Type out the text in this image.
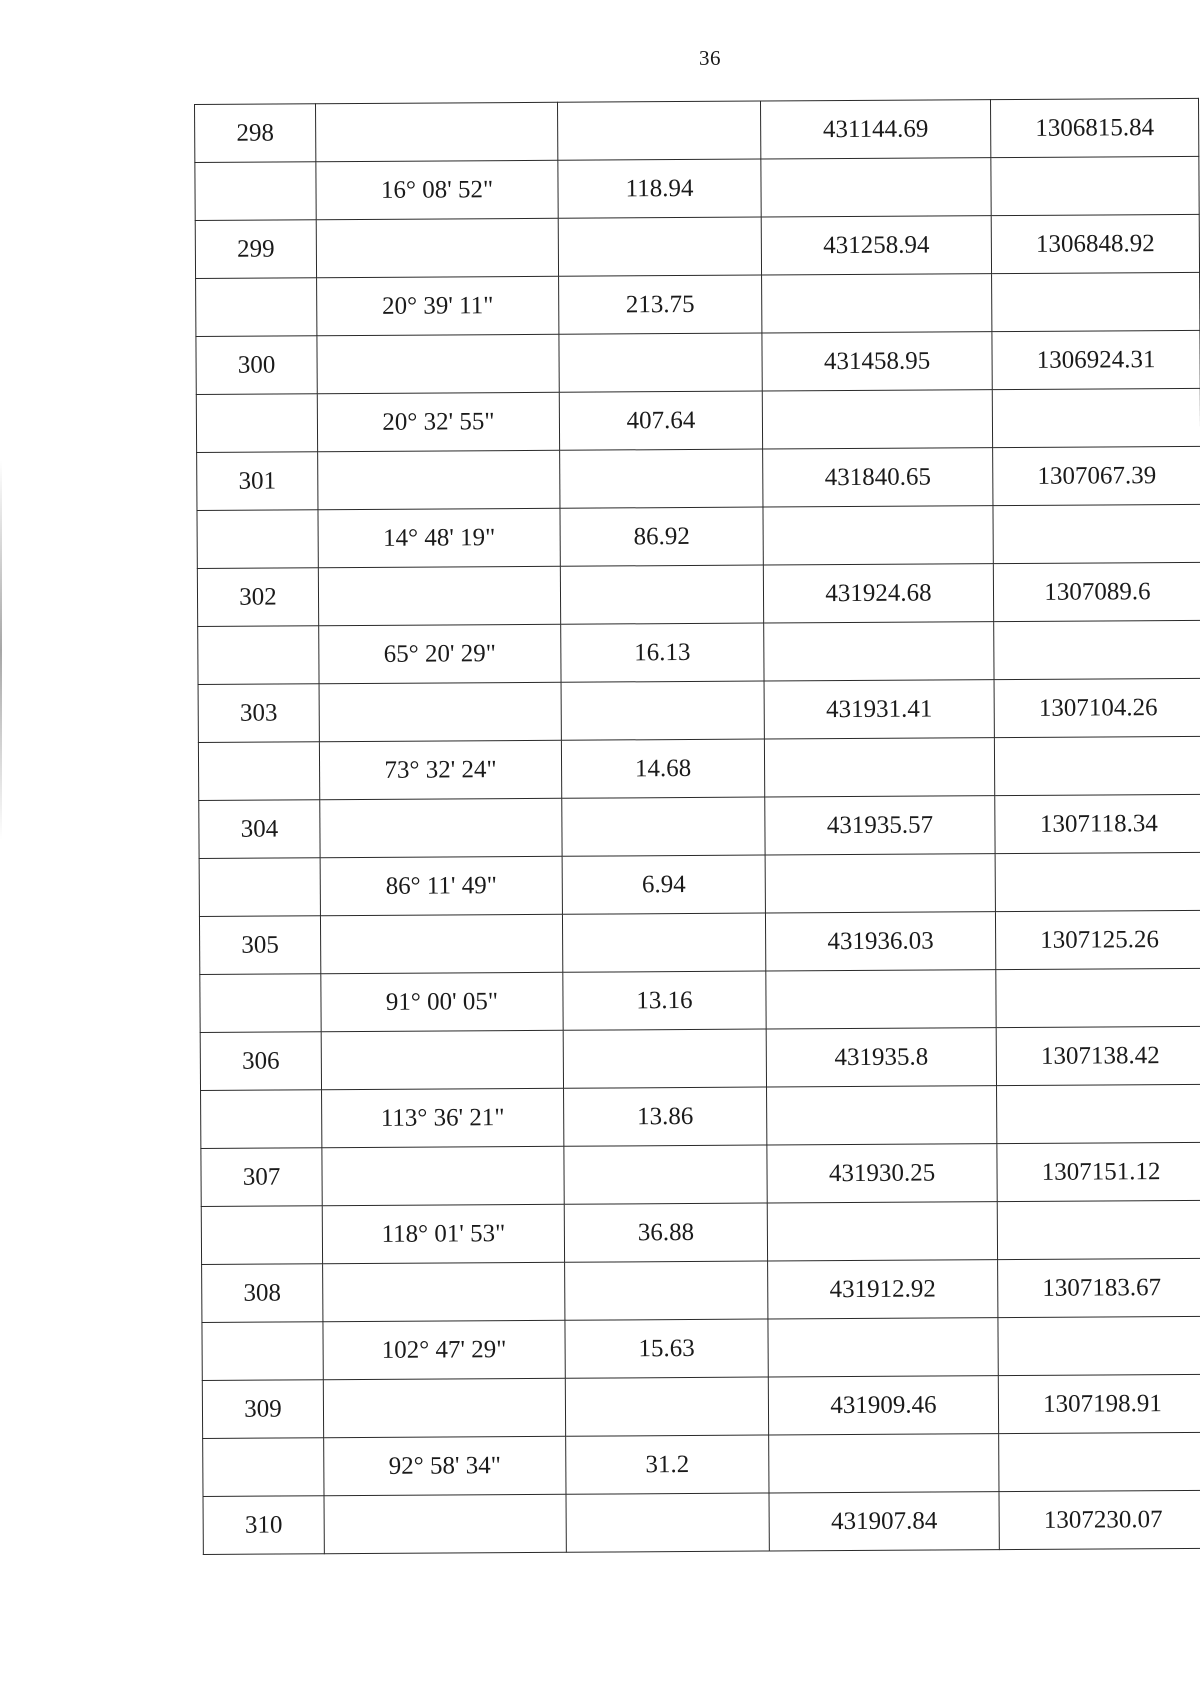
36
298			431144.69	1306815.84
	16° 08' 52"	118.94		
299			431258.94	1306848.92
	20° 39' 11"	213.75		
300			431458.95	1306924.31
	20° 32' 55"	407.64		
301			431840.65	1307067.39
	14° 48' 19"	86.92		
302			431924.68	1307089.6
	65° 20' 29"	16.13		
303			431931.41	1307104.26
	73° 32' 24"	14.68		
304			431935.57	1307118.34
	86° 11' 49"	6.94		
305			431936.03	1307125.26
	91° 00' 05"	13.16		
306			431935.8	1307138.42
	113° 36' 21"	13.86		
307			431930.25	1307151.12
	118° 01' 53"	36.88		
308			431912.92	1307183.67
	102° 47' 29"	15.63		
309			431909.46	1307198.91
	92° 58' 34"	31.2		
310			431907.84	1307230.07
